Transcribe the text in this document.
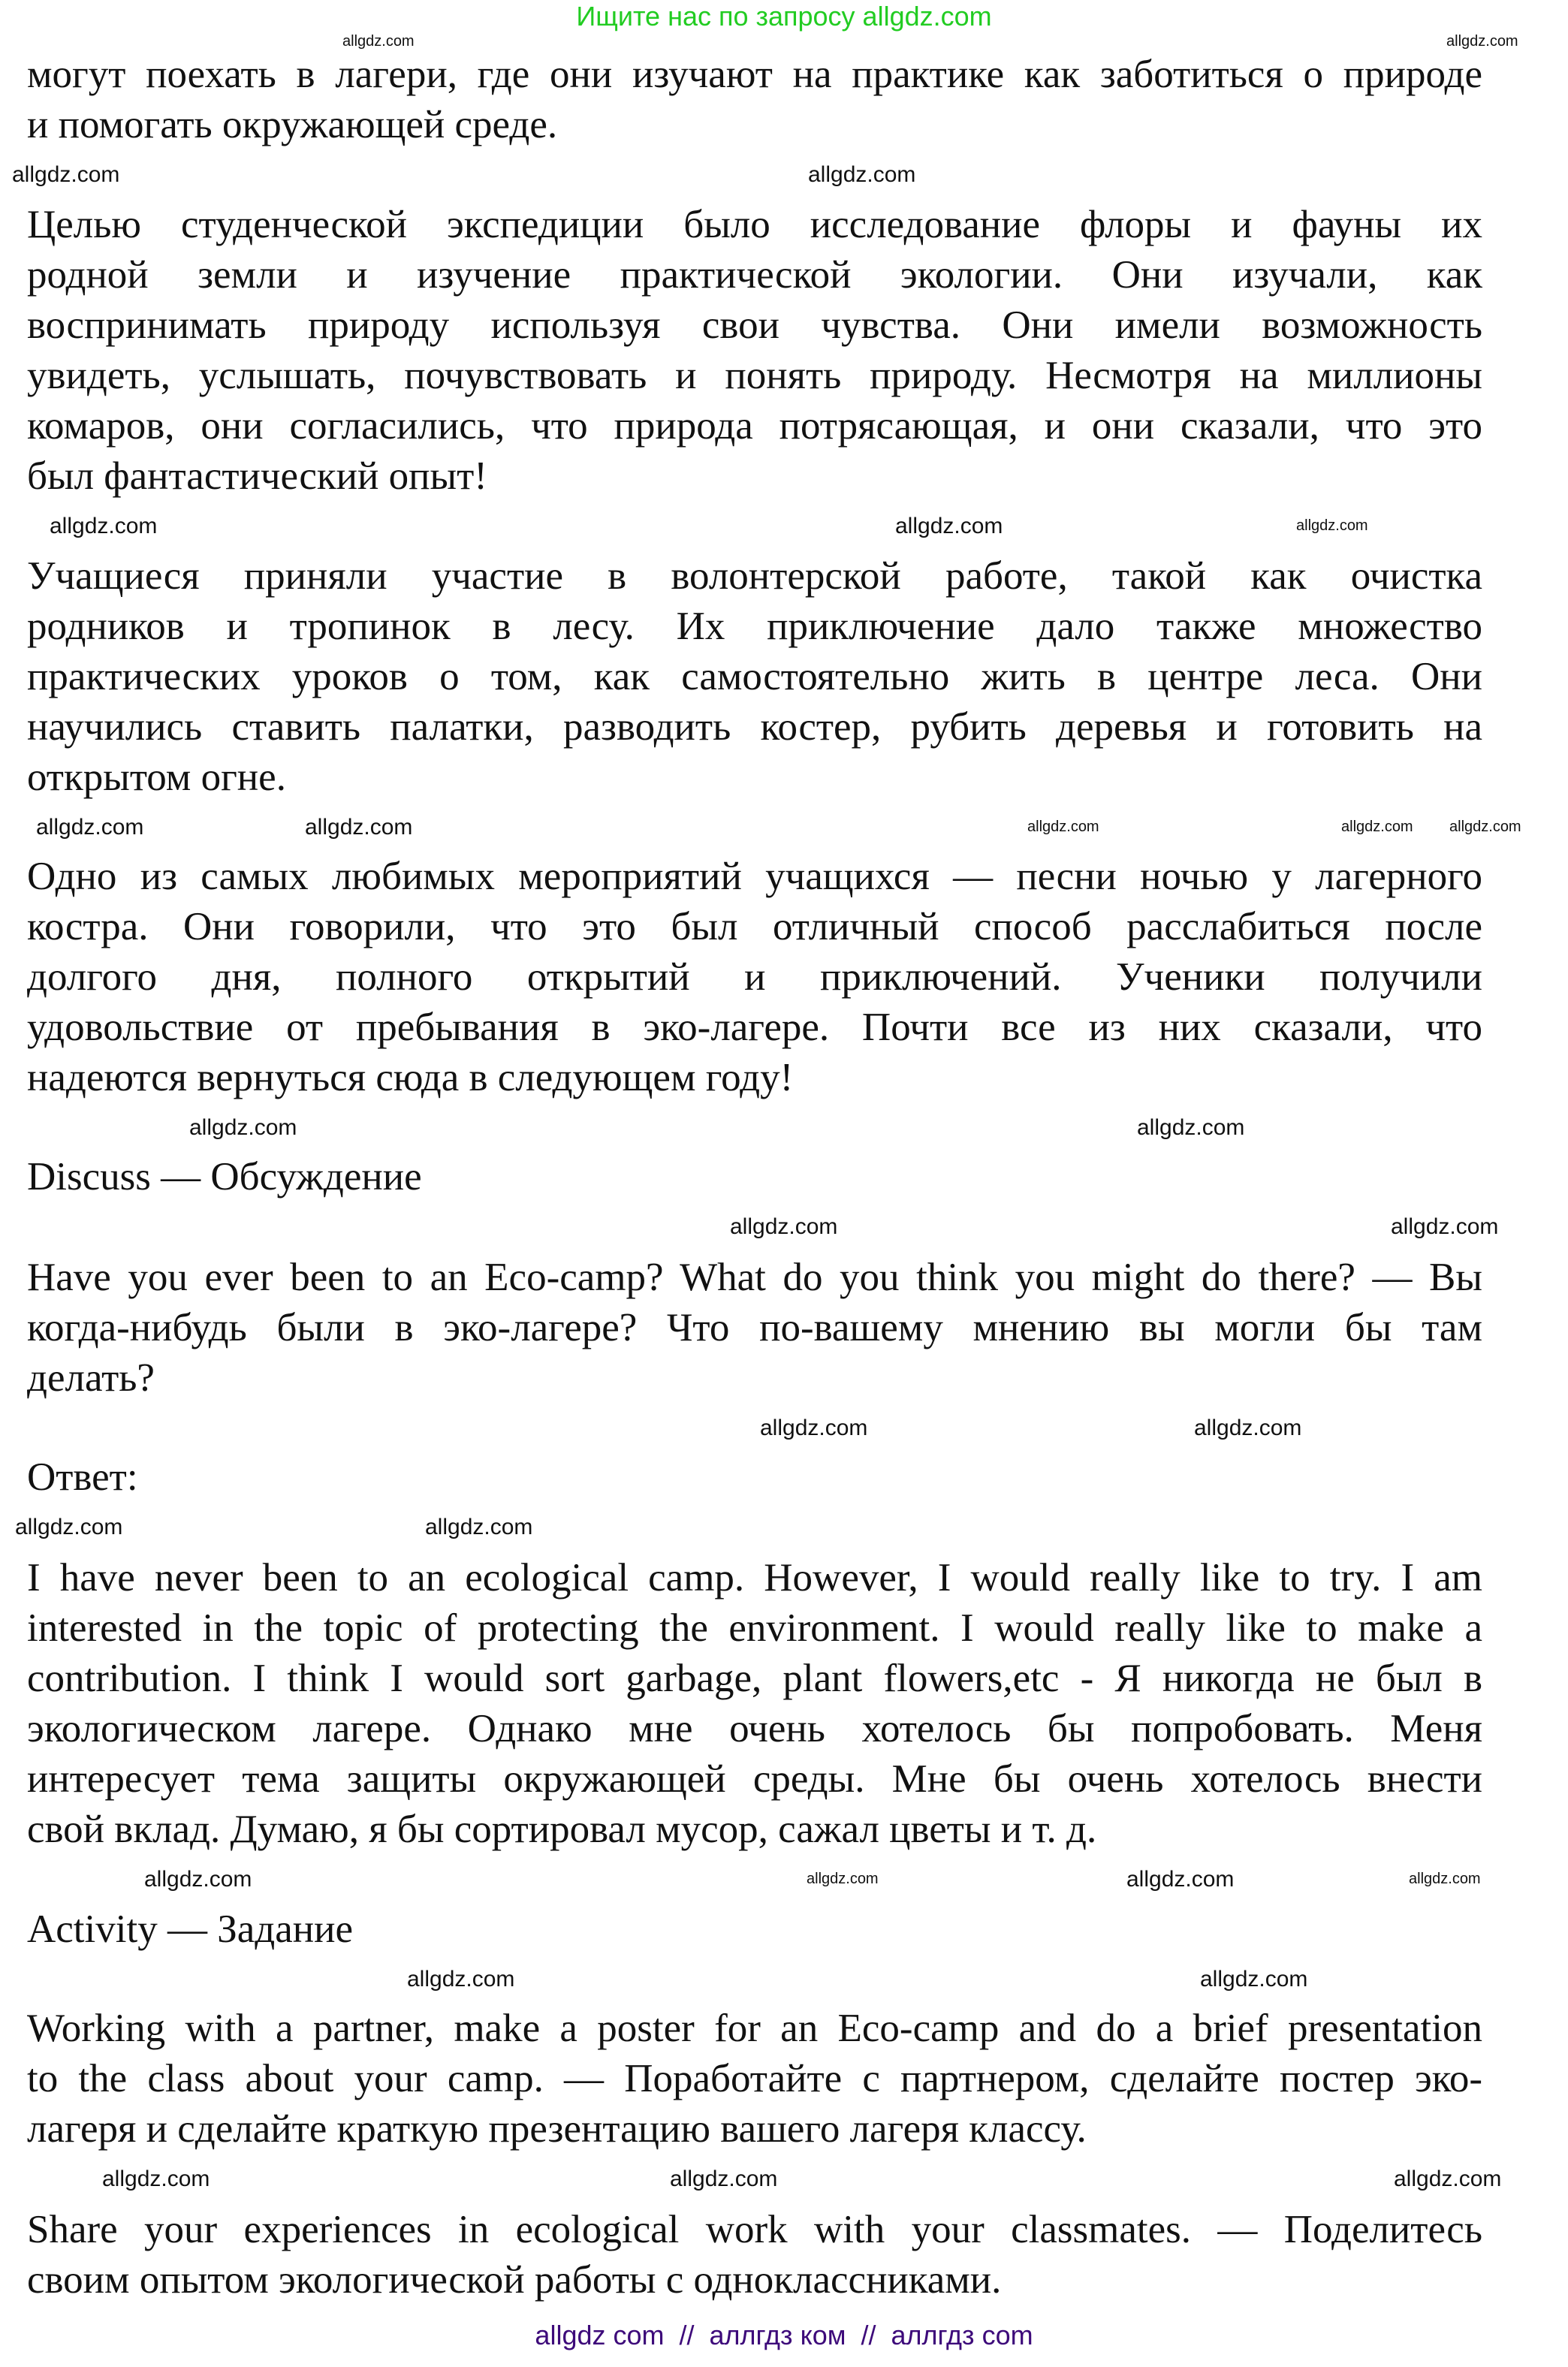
Ищите нас по запросу allgdz.com
могут поехать в лагери, где они изучают на практике как заботиться о природе
и помогать окружающей среде.
Целью студенческой экспедиции было исследование флоры и фауны их
родной земли и изучение практической экологии. Они изучали, как
воспринимать природу используя свои чувства. Они имели возможность
увидеть, услышать, почувствовать и понять природу. Несмотря на миллионы
комаров, они согласились, что природа потрясающая, и они сказали, что это
был фантастический опыт!
Учащиеся приняли участие в волонтерской работе, такой как очистка
родников и тропинок в лесу. Их приключение дало также множество
практических уроков о том, как самостоятельно жить в центре леса. Они
научились ставить палатки, разводить костер, рубить деревья и готовить на
открытом огне.
Одно из самых любимых мероприятий учащихся — песни ночью у лагерного
костра. Они говорили, что это был отличный способ расслабиться после
долгого дня, полного открытий и приключений. Ученики получили
удовольствие от пребывания в эко-лагере. Почти все из них сказали, что
надеются вернуться сюда в следующем году!
Discuss — Обсуждение
Have you ever been to an Eco-camp? What do you think you might do there? — Вы
когда-нибудь были в эко-лагере? Что по-вашему мнению вы могли бы там
делать?
Ответ:
I have never been to an ecological camp. However, I would really like to try. I am
interested in the topic of protecting the environment. I would really like to make a
contribution. I think I would sort garbage, plant flowers,etc - Я никогда не был в
экологическом лагере. Однако мне очень хотелось бы попробовать. Меня
интересует тема защиты окружающей среды. Мне бы очень хотелось внести
свой вклад. Думаю, я бы сортировал мусор, сажал цветы и т. д.
Activity — Задание
Working with a partner, make a poster for an Eco-camp and do a brief presentation
to the class about your camp. — Поработайте с партнером, сделайте постер эко-
лагеря и сделайте краткую презентацию вашего лагеря классу.
Share your experiences in ecological work with your classmates. — Поделитесь
своим опытом экологической работы с одноклассниками.
allgdz.com	allgdz.com
allgdz.com
allgdz.com
allgdz.com
allgdz.com
allgdz.com
allgdz.com
allgdz.com
allgdz.com
allgdz.com	allgdz.com
allgdz.com
allgdz.com
allgdz.com	allgdz.com
allgdz.com	allgdz.com
allgdz.com
allgdz.com
allgdz.com
allgdz.com	allgdz.com
allgdz.com
allgdz.com
allgdz.com
allgdz.com
allgdz.com
allgdz.com
allgdz com  //  аллгдз ком  //  аллгдз com
